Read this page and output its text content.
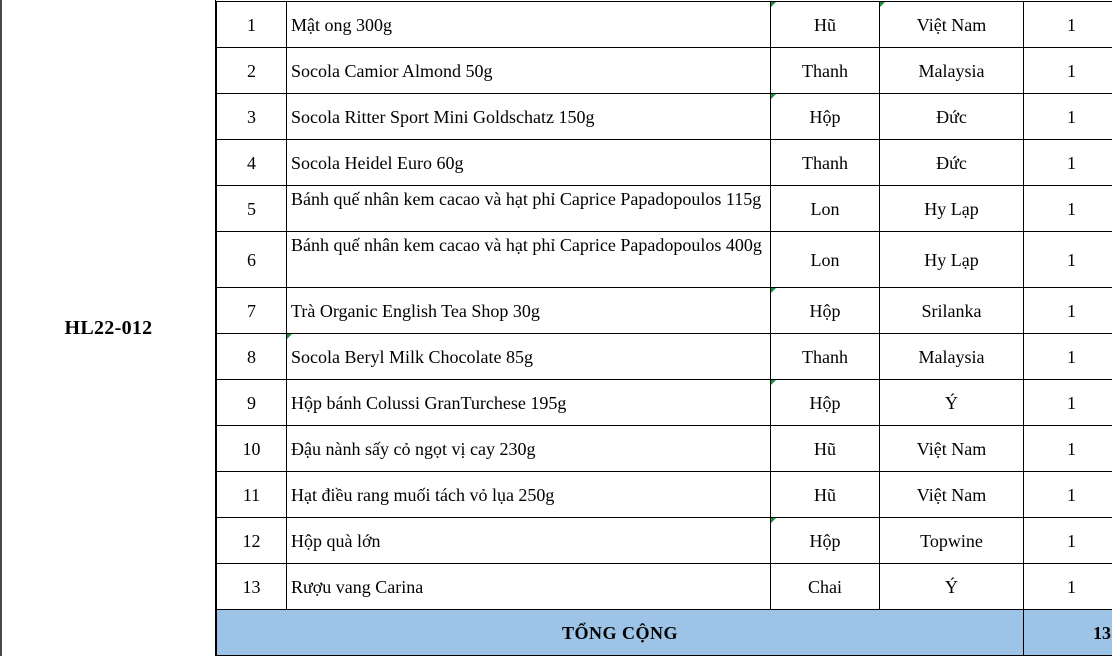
HL22-012
1	Mật ong 300g	Hũ	Việt Nam	1
2	Socola Camior Almond 50g	Thanh	Malaysia	1
3	Socola Ritter Sport Mini Goldschatz 150g	Hộp	Đức	1
4	Socola Heidel Euro 60g	Thanh	Đức	1
5	Bánh quế nhân kem cacao và hạt phỉ Caprice Papadopoulos 115g	Lon	Hy Lạp	1
6	Bánh quế nhân kem cacao và hạt phỉ Caprice Papadopoulos 400g	Lon	Hy Lạp	1
7	Trà Organic English Tea Shop 30g	Hộp	Srilanka	1
8	Socola Beryl Milk Chocolate 85g	Thanh	Malaysia	1
9	Hộp bánh Colussi GranTurchese 195g	Hộp	Ý	1
10	Đậu nành sấy cỏ ngọt vị cay 230g	Hũ	Việt Nam	1
11	Hạt điều rang muối tách vỏ lụa 250g	Hũ	Việt Nam	1
12	Hộp quà lớn	Hộp	Topwine	1
13	Rượu vang Carina	Chai	Ý	1
TỔNG CỘNG				13
